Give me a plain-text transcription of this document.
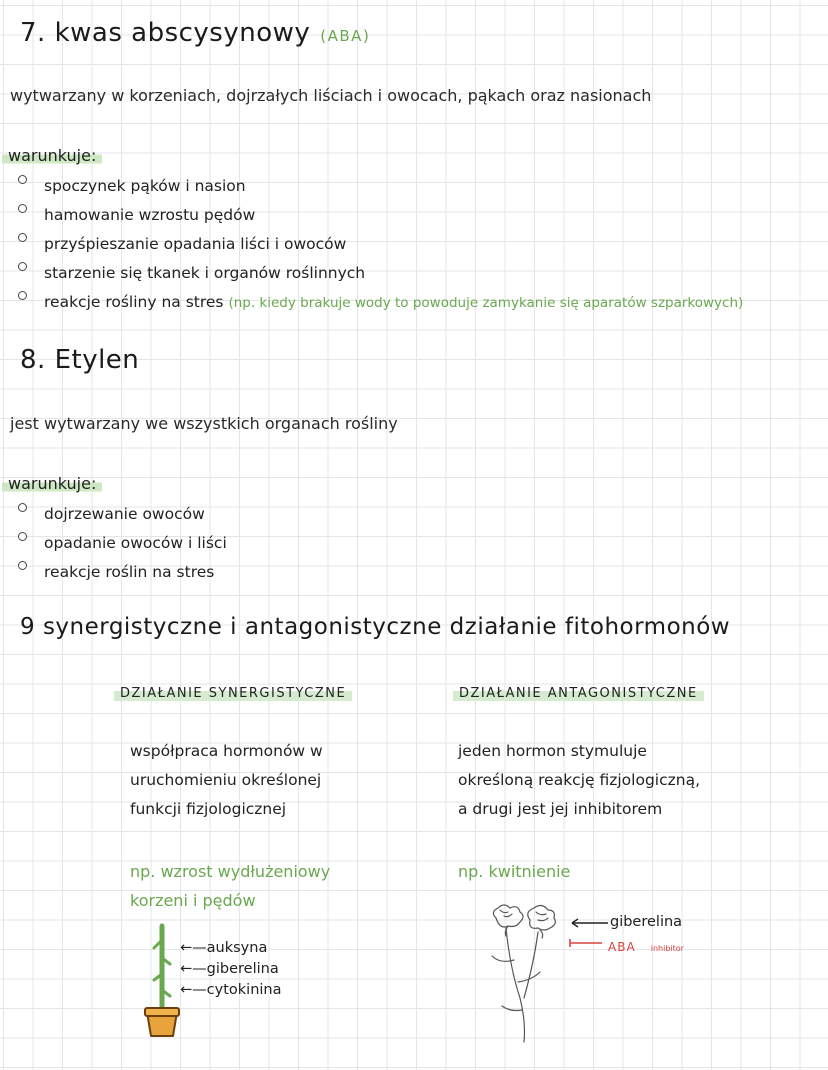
7. kwas abscysynowy (ABA)
wytwarzany w korzeniach, dojrzałych liściach i owocach, pąkach oraz nasionach
warunkuje:
spoczynek pąków i nasion
hamowanie wzrostu pędów
przyśpieszanie opadania liści i owoców
starzenie się tkanek i organów roślinnych
reakcje rośliny na stres (np. kiedy brakuje wody to powoduje zamykanie się aparatów szparkowych)
8. Etylen
jest wytwarzany we wszystkich organach rośliny
warunkuje:
dojrzewanie owoców
opadanie owoców i liści
reakcje roślin na stres
9 synergistyczne i antagonistyczne działanie fitohormonów
DZIAŁANIE SYNERGISTYCZNE
współpraca hormonów w
uruchomieniu określonej
funkcji fizjologicznej
np. wzrost wydłużeniowy
korzeni i pędów
←—auksyna
←—giberelina
←—cytokinina
DZIAŁANIE ANTAGONISTYCZNE
jeden hormon stymuluje
określoną reakcję fizjologiczną,
a drugi jest jej inhibitorem
np. kwitnienie
giberelina
ABA inhibitor
